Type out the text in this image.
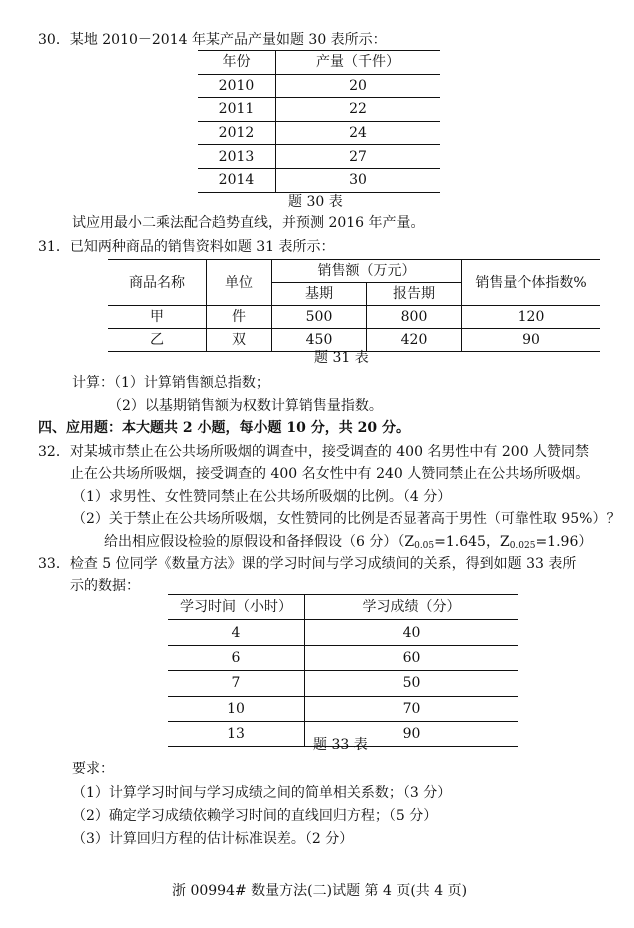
30．某地 2010－2014 年某产品产量如题 30 表所示：
年份	产量（千件）
2010	20
2011	22
2012	24
2013	27
2014	30
题 30 表
试应用最小二乘法配合趋势直线，并预测 2016 年产量。
31．已知两种商品的销售资料如题 31 表所示：
商品名称	单位	销售额（万元）		销售量个体指数%
		基期	报告期	
甲	件	500	800	120
乙	双	450	420	90
题 31 表
计算：（1）计算销售额总指数；
（2）以基期销售额为权数计算销售量指数。
四、应用题：本大题共 2 小题，每小题 10 分，共 20 分。
32．对某城市禁止在公共场所吸烟的调查中，接受调查的 400 名男性中有 200 人赞同禁
止在公共场所吸烟，接受调查的 400 名女性中有 240 人赞同禁止在公共场所吸烟。
（1）求男性、女性赞同禁止在公共场所吸烟的比例。（4 分）
（2）关于禁止在公共场所吸烟，女性赞同的比例是否显著高于男性（可靠性取 95%）？
给出相应假设检验的原假设和备择假设（6 分）（$Z_{0.05}=1.645$，$Z_{0.025}=1.96$）
33．检查 5 位同学《数量方法》课的学习时间与学习成绩间的关系，得到如题 33 表所
示的数据：
学习时间（小时）	学习成绩（分）
4	40
6	60
7	50
10	70
13	90
题 33 表
要求：
（1）计算学习时间与学习成绩之间的简单相关系数；（3 分）
（2）确定学习成绩依赖学习时间的直线回归方程；（5 分）
（3）计算回归方程的估计标准误差。（2 分）
浙 00994# 数量方法(二)试题 第 4 页(共 4 页)
